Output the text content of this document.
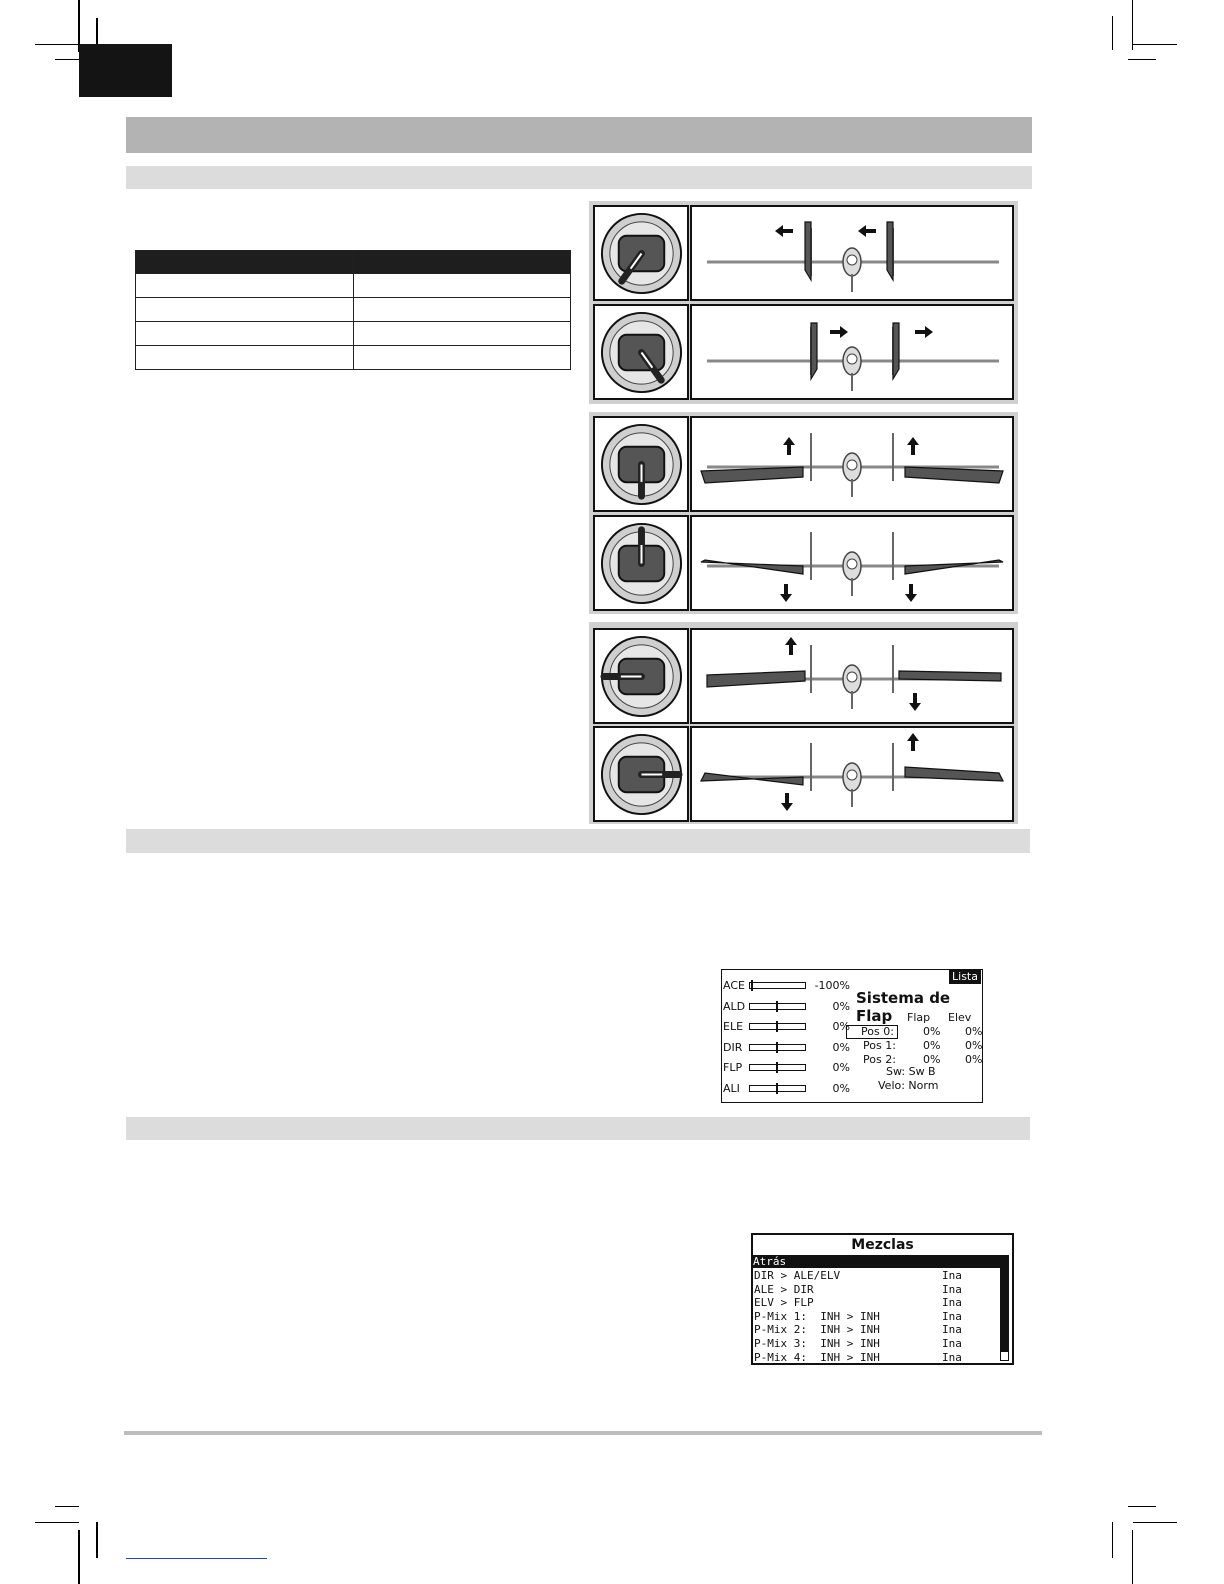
ACE	-100%
ALD	0%
ELE	0%
DIR	0%
FLP	0%
ALI	0%
Lista
Sistema de Flap	Flap Elev
Pos 0:	0% 0%
Pos 1: 0% 0%
Pos 2: 0% 0%
Sw: Sw B
Velo: Norm
Mezclas
Atrás
DIR > ALE/ELV	Ina
ALE > DIR	Ina
ELV > FLP	Ina
P-Mix 1:  INH > INH	Ina
P-Mix 2:  INH > INH	Ina
P-Mix 3:  INH > INH	Ina
P-Mix 4:  INH > INH	Ina
